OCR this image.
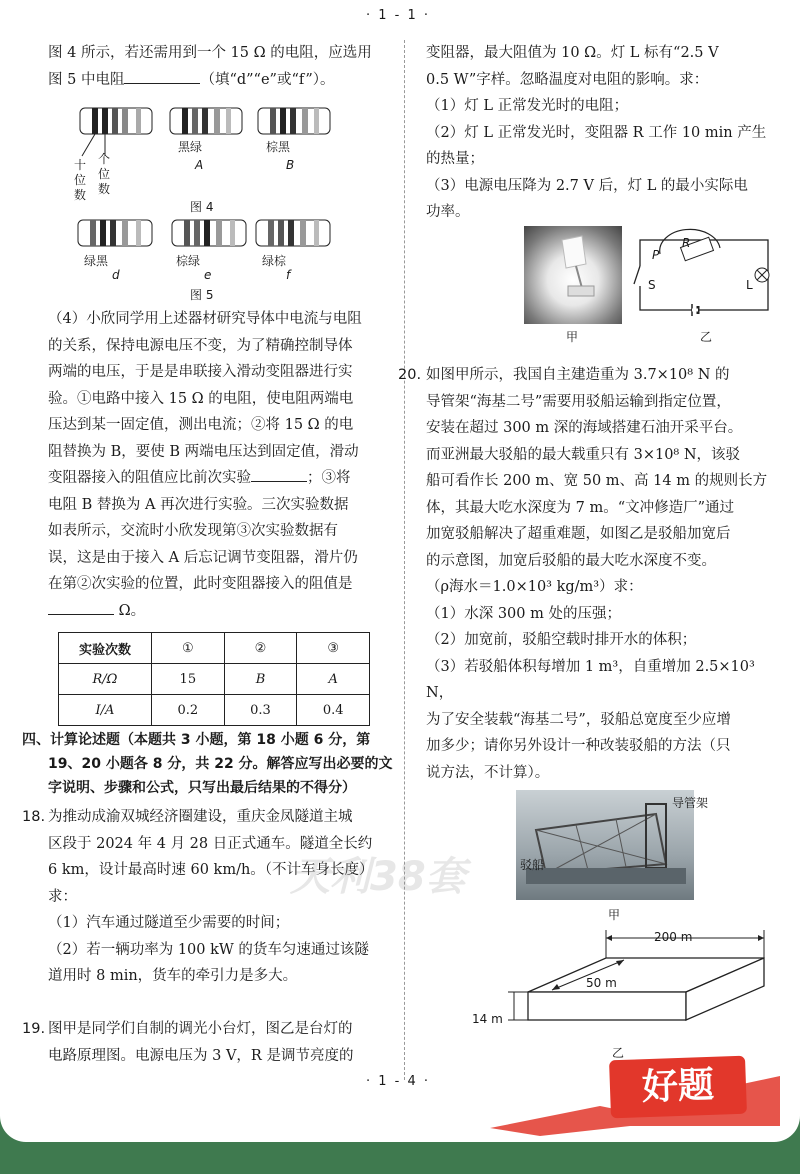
· 1 - 1 ·
图 4 所示，若还需用到一个 15 Ω 的电阻，应选用
图 5 中电阻	（填“d”“e”或“f”）。
十
位
数
个
位
数
黑绿
A
棕黑
B
图 4
绿黑
d
棕绿
e
绿棕
f
图 5
（4）小欣同学用上述器材研究导体中电流与电阻
的关系，保持电源电压不变，为了精确控制导体
两端的电压，于是是串联接入滑动变阻器进行实
验。①电路中接入 15 Ω 的电阻，使电阻两端电
压达到某一固定值，测出电流；②将 15 Ω 的电
阻替换为 B，要使 B 两端电压达到固定值，滑动
变阻器接入的阻值应比前次实验	；③将
电阻 B 替换为 A 再次进行实验。三次实验数据
如表所示，交流时小欣发现第③次实验数据有
误，这是由于接入 A 后忘记调节变阻器，滑片仍
在第②次实验的位置，此时变阻器接入的阻值是
Ω。
实验次数	①	②	③
R/Ω	15	B	A
I/A	0.2	0.3	0.4
四、计算论述题（本题共 3 小题，第 18 小题 6 分，第
19、20 小题各 8 分，共 22 分。解答应写出必要的文
字说明、步骤和公式，只写出最后结果的不得分）
18. 为推动成渝双城经济圈建设，重庆金凤隧道主城
区段于 2024 年 4 月 28 日正式通车。隧道全长约
6 km，设计最高时速 60 km/h。（不计车身长度）求：
（1）汽车通过隧道至少需要的时间；
（2）若一辆功率为 100 kW 的货车匀速通过该隧
道用时 8 min，货车的牵引力是多大。
天利38套
19. 图甲是同学们自制的调光小台灯，图乙是台灯的
电路原理图。电源电压为 3 V，R 是调节亮度的
变阻器，最大阻值为 10 Ω。灯 L 标有“2.5 V
0.5 W”字样。忽略温度对电阻的影响。求：
（1）灯 L 正常发光时的电阻；
（2）灯 L 正常发光时，变阻器 R 工作 10 min 产生
的热量；
（3）电源电压降为 2.7 V 后，灯 L 的最小实际电
功率。
甲
P
R
S	L
乙
20. 如图甲所示，我国自主建造重为 3.7×10⁸ N 的
导管架“海基二号”需要用驳船运输到指定位置，
安装在超过 300 m 深的海域搭建石油开采平台。
而亚洲最大驳船的最大载重只有 3×10⁸ N，该驳
船可看作长 200 m、宽 50 m、高 14 m 的规则长方
体，其最大吃水深度为 7 m。“文冲修造厂”通过
加宽驳船解决了超重难题，如图乙是驳船加宽后
的示意图，加宽后驳船的最大吃水深度不变。
（ρ海水＝1.0×10³ kg/m³）求：
（1）水深 300 m 处的压强；
（2）加宽前，驳船空载时排开水的体积；
（3）若驳船体积每增加 1 m³，自重增加 2.5×10³ N，
为了安全装载“海基二号”，驳船总宽度至少应增
加多少；请你另外设计一种改装驳船的方法（只
说方法，不计算）。
导管架
驳船
甲
200 m
50 m
14 m
乙
· 1 - 4 ·	好题
